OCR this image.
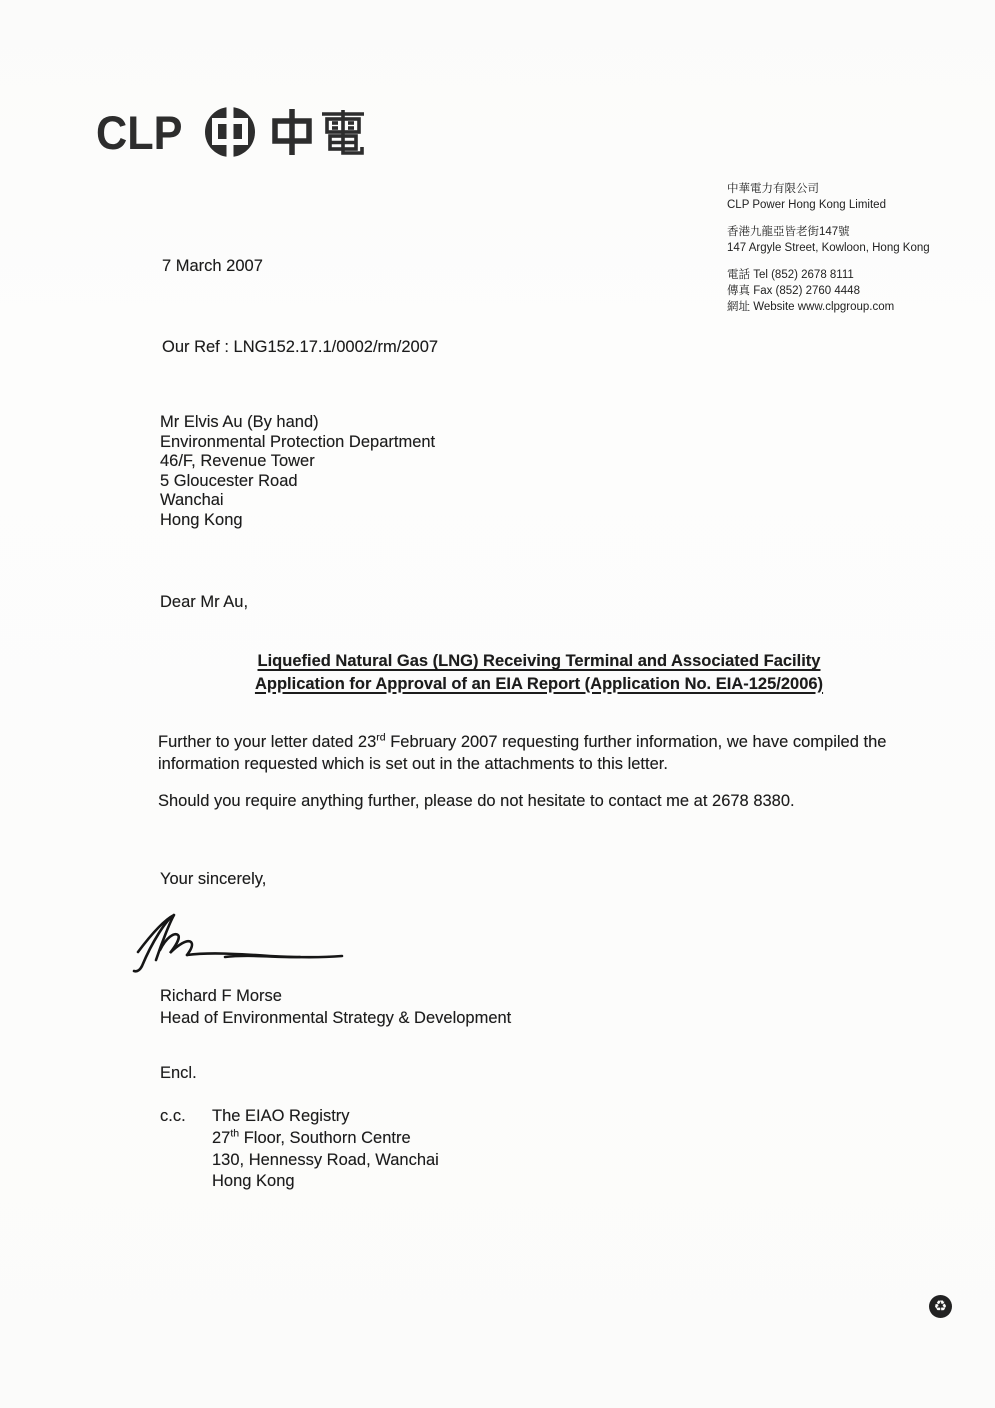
CLP
中華電力有限公司
CLP Power Hong Kong Limited
香港九龍亞皆老街147號
147 Argyle Street, Kowloon, Hong Kong
電話 Tel (852) 2678 8111
傳真 Fax (852) 2760 4448
網址 Website www.clpgroup.com
7 March 2007
Our Ref : LNG152.17.1/0002/rm/2007
Mr Elvis Au (By hand)
Environmental Protection Department
46/F, Revenue Tower
5 Gloucester Road
Wanchai
Hong Kong
Dear Mr Au,
Liquefied Natural Gas (LNG) Receiving Terminal and Associated Facility
Application for Approval of an EIA Report (Application No. EIA-125/2006)
Further to your letter dated 23rd February 2007 requesting further information, we have compiled the information requested which is set out in the attachments to this letter.
Should you require anything further, please do not hesitate to contact me at 2678 8380.
Your sincerely,
Richard F Morse
Head of Environmental Strategy & Development
Encl.
c.c.	The EIAO Registry
27th Floor, Southorn Centre
130, Hennessy Road, Wanchai
Hong Kong
♻
